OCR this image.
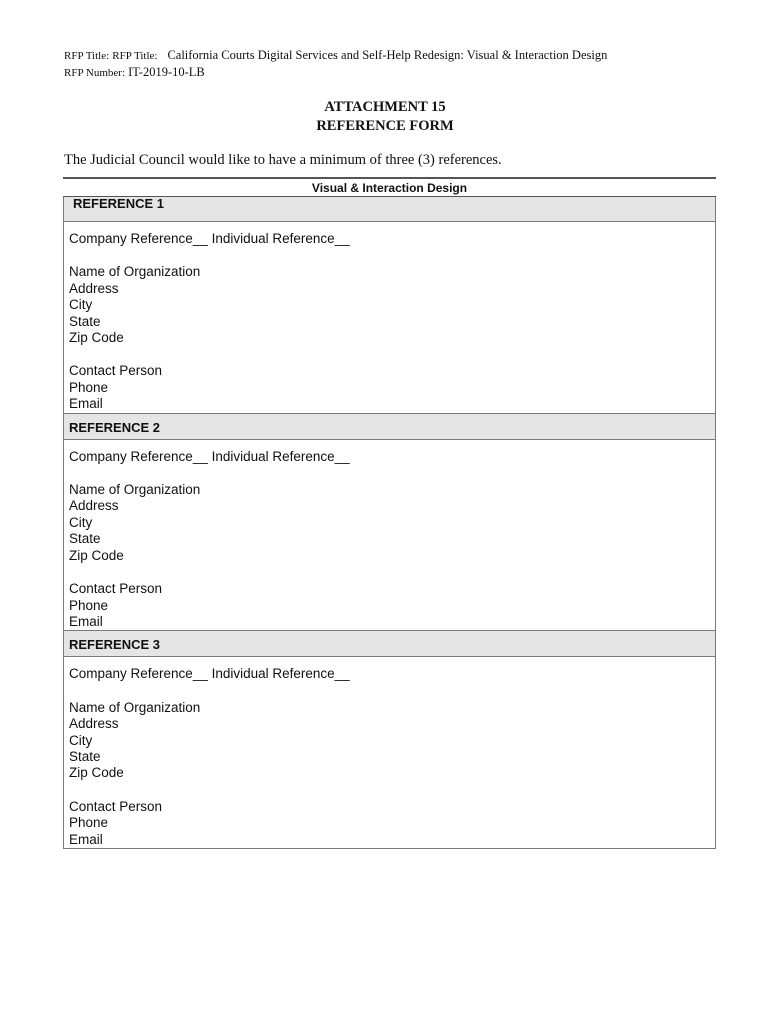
RFP Title: RFP Title: California Courts Digital Services and Self-Help Redesign: Visual & Interaction Design
RFP Number: IT-2019-10-LB
ATTACHMENT 15
REFERENCE FORM
The Judicial Council would like to have a minimum of three (3) references.
Visual & Interaction Design
REFERENCE 1
Company Reference__ Individual Reference__
Name of Organization
Address
City
State
Zip Code
Contact Person
Phone
Email
REFERENCE 2
Company Reference__ Individual Reference__
Name of Organization
Address
City
State
Zip Code
Contact Person
Phone
Email
REFERENCE 3
Company Reference__ Individual Reference__
Name of Organization
Address
City
State
Zip Code
Contact Person
Phone
Email
